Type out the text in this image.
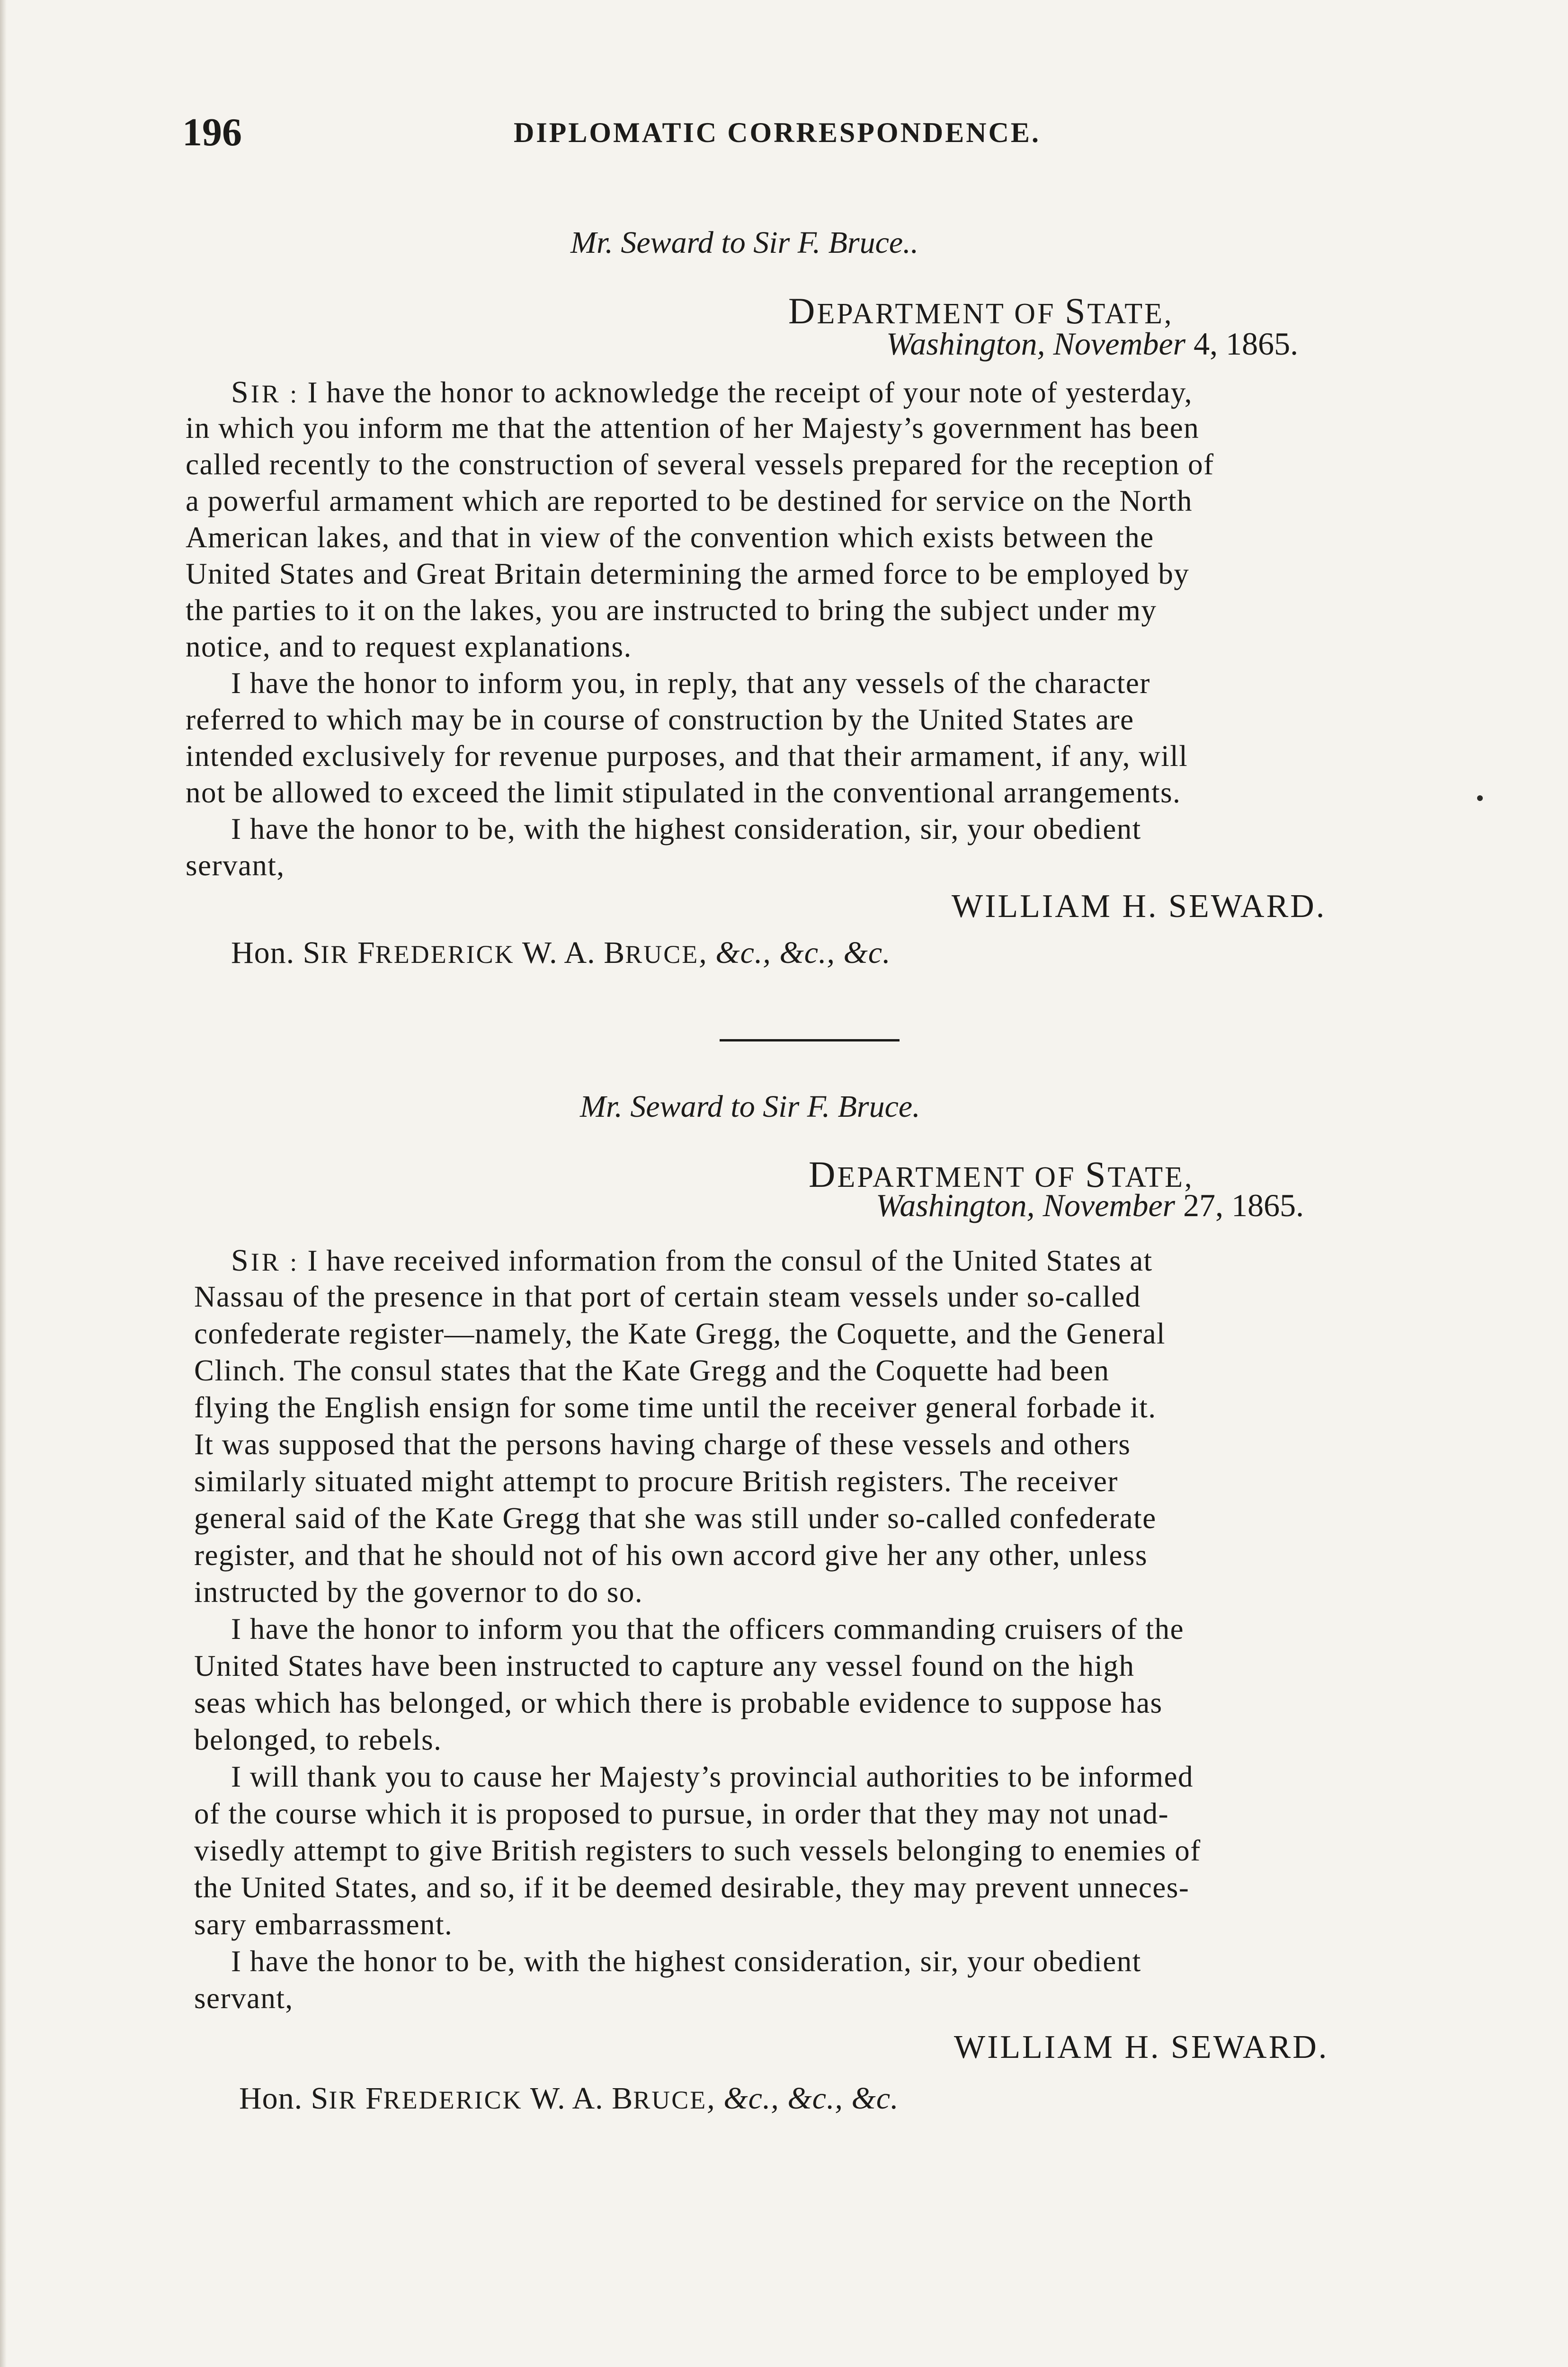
196	DIPLOMATIC CORRESPONDENCE.
Mr. Seward to Sir F. Bruce..
DEPARTMENT OF STATE,
Washington, November 4, 1865.
SIR : I have the honor to acknowledge the receipt of your note of yesterday,
in which you inform me that the attention of her Majesty’s government has been
called recently to the construction of several vessels prepared for the reception of
a powerful armament which are reported to be destined for service on the North
American lakes, and that in view of the convention which exists between the
United States and Great Britain determining the armed force to be employed by
the parties to it on the lakes, you are instructed to bring the subject under my
notice, and to request explanations.
I have the honor to inform you, in reply, that any vessels of the character
referred to which may be in course of construction by the United States are
intended exclusively for revenue purposes, and that their armament, if any, will
not be allowed to exceed the limit stipulated in the conventional arrangements.
I have the honor to be, with the highest consideration, sir, your obedient
servant,
WILLIAM H. SEWARD.
Hon. SIR FREDERICK W. A. BRUCE, &c., &c., &c.
Mr. Seward to Sir F. Bruce.
DEPARTMENT OF STATE,
Washington, November 27, 1865.
SIR : I have received information from the consul of the United States at
Nassau of the presence in that port of certain steam vessels under so-called
confederate register—namely, the Kate Gregg, the Coquette, and the General
Clinch. The consul states that the Kate Gregg and the Coquette had been
flying the English ensign for some time until the receiver general forbade it.
It was supposed that the persons having charge of these vessels and others
similarly situated might attempt to procure British registers. The receiver
general said of the Kate Gregg that she was still under so-called confederate
register, and that he should not of his own accord give her any other, unless
instructed by the governor to do so.
I have the honor to inform you that the officers commanding cruisers of the
United States have been instructed to capture any vessel found on the high
seas which has belonged, or which there is probable evidence to suppose has
belonged, to rebels.
I will thank you to cause her Majesty’s provincial authorities to be informed
of the course which it is proposed to pursue, in order that they may not unad-
visedly attempt to give British registers to such vessels belonging to enemies of
the United States, and so, if it be deemed desirable, they may prevent unneces-
sary embarrassment.
I have the honor to be, with the highest consideration, sir, your obedient
servant,
WILLIAM H. SEWARD.
Hon. SIR FREDERICK W. A. BRUCE, &c., &c., &c.
